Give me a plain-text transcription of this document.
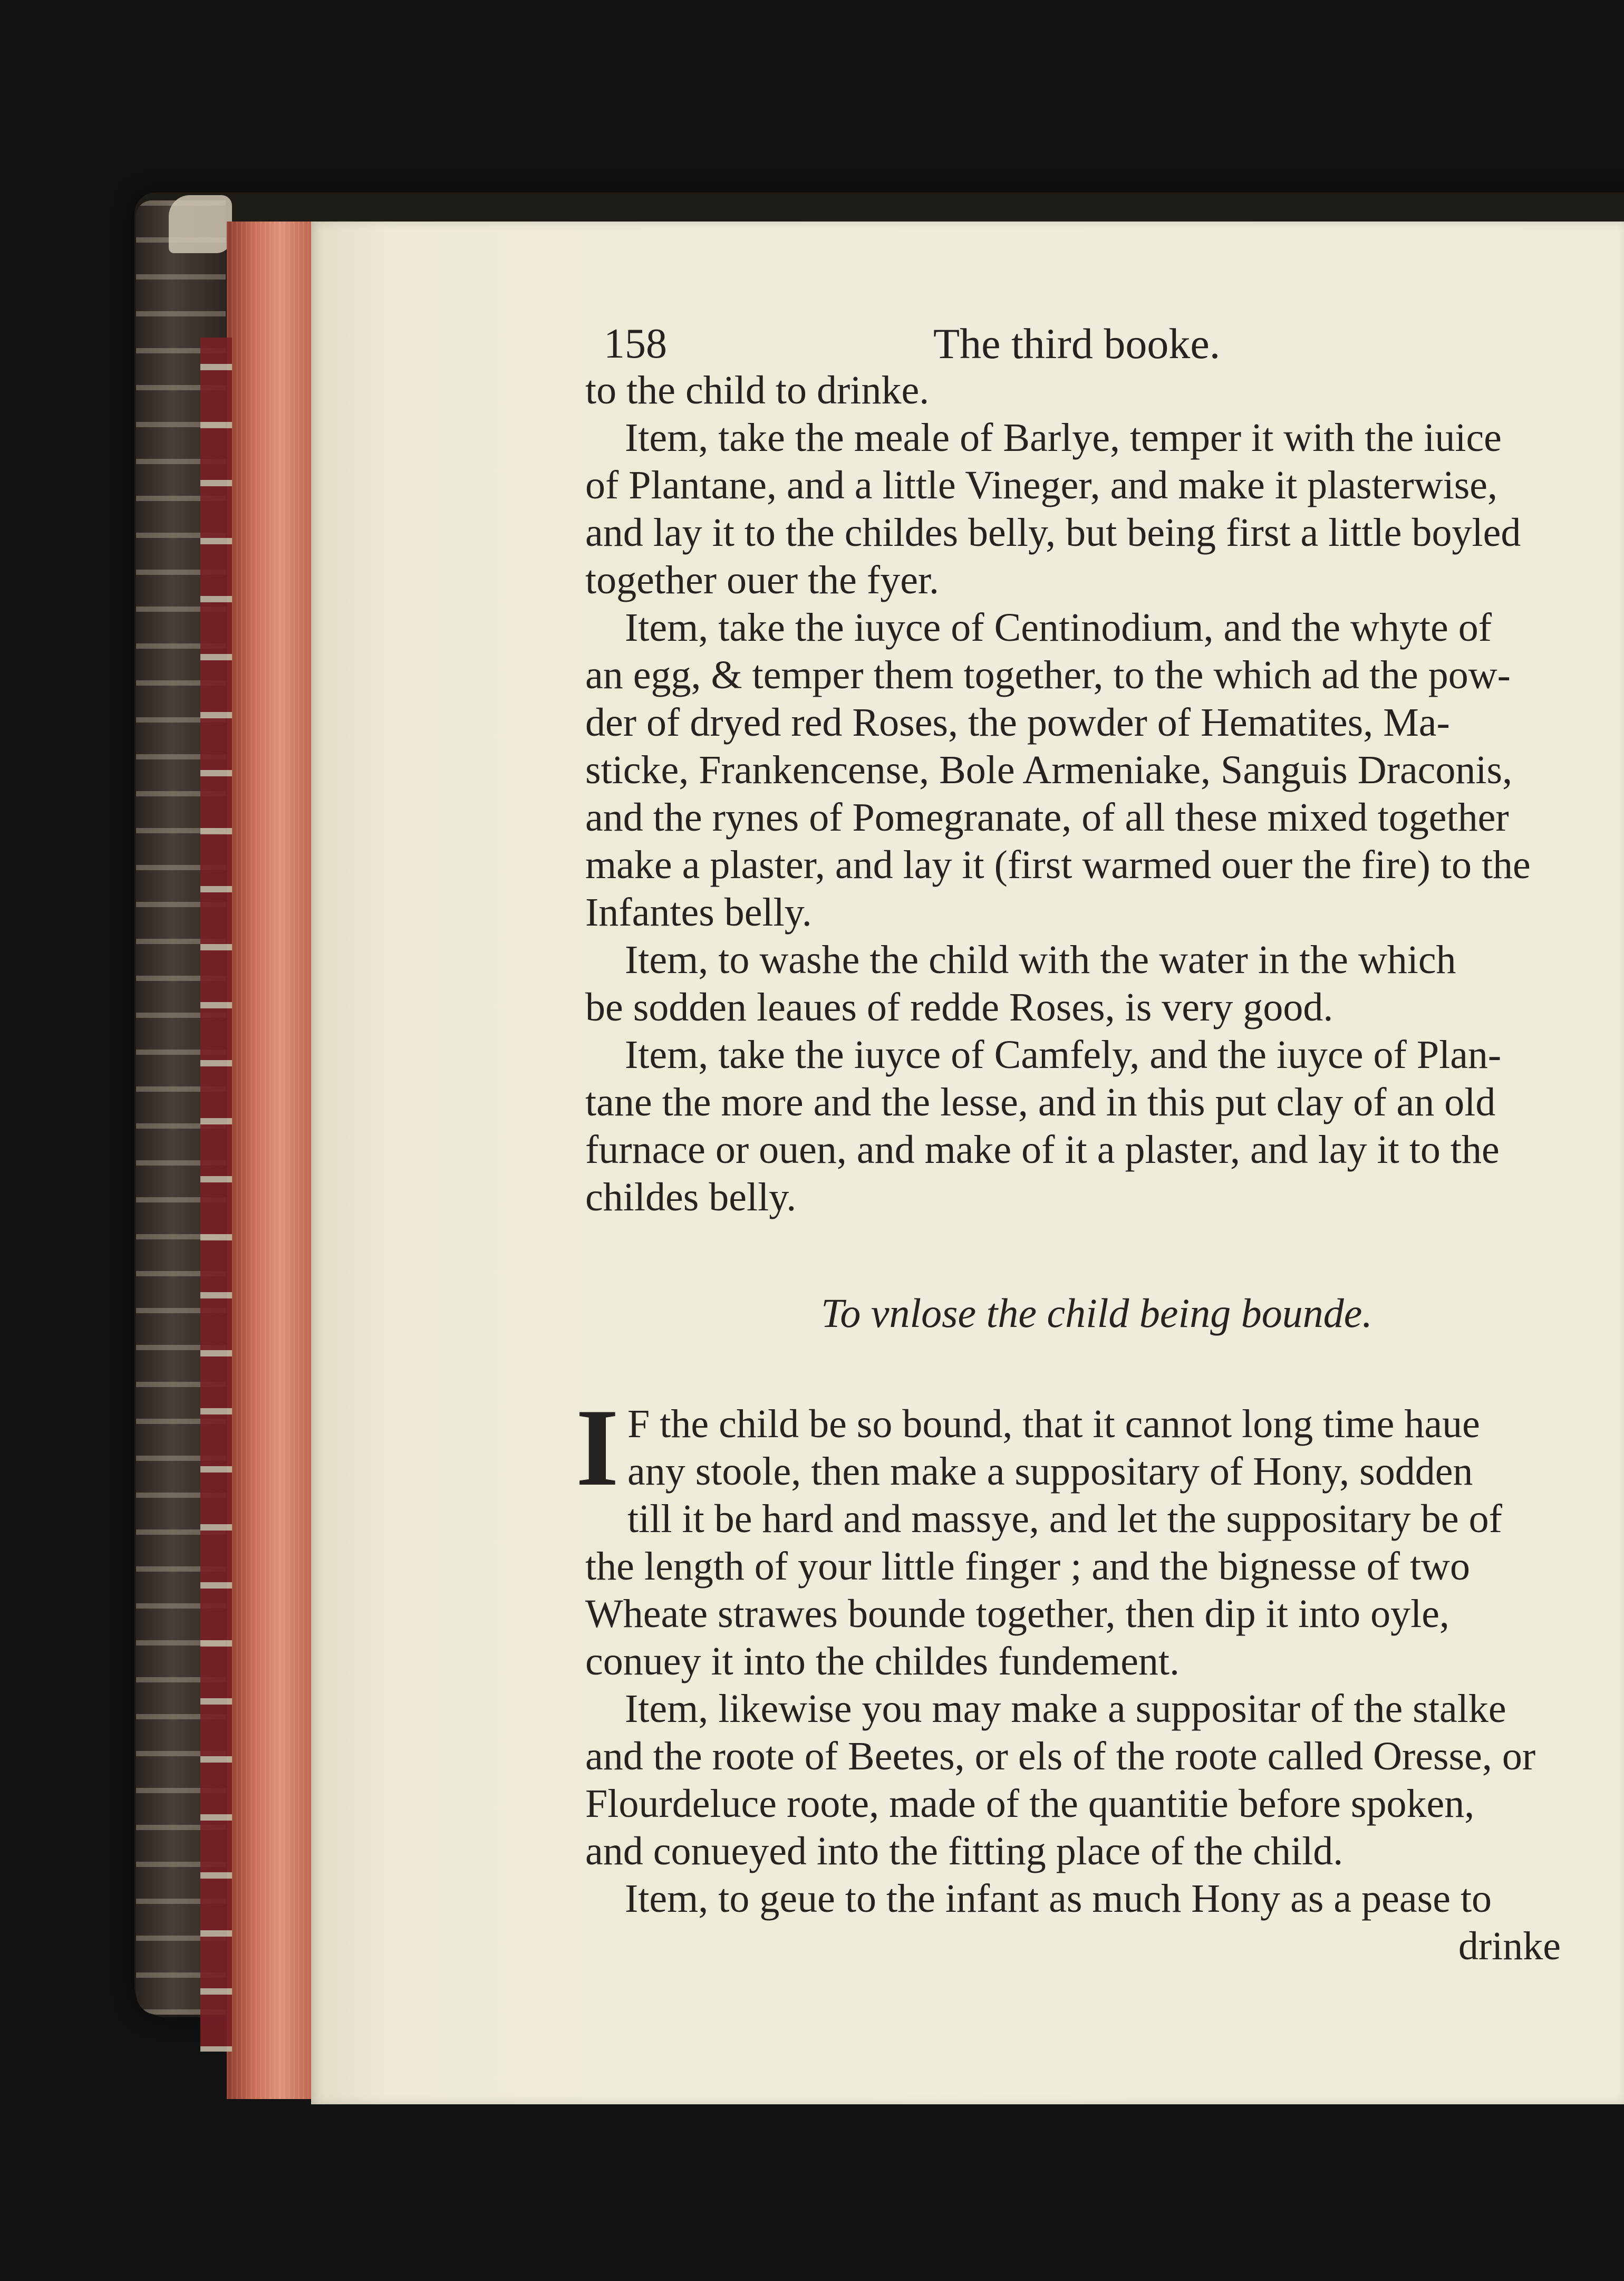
158	The third booke.
to the child to drinke.
Item, take the meale of Barlye, temper it with the iuice
of Plantane, and a little Vineger, and make it plasterwise,
and lay it to the childes belly, but being first a little boyled
together ouer the fyer.
Item, take the iuyce of Centinodium, and the whyte of
an egg, & temper them together, to the which ad the pow-
der of dryed red Roses, the powder of Hematites, Ma-
sticke, Frankencense, Bole Armeniake, Sanguis Draconis,
and the rynes of Pomegranate, of all these mixed together
make a plaster, and lay it (first warmed ouer the fire) to the
Infantes belly.
Item, to washe the child with the water in the which
be sodden leaues of redde Roses, is very good.
Item, take the iuyce of Camfely, and the iuyce of Plan-
tane the more and the lesse, and in this put clay of an old
furnace or ouen, and make of it a plaster, and lay it to the
childes belly.
To vnlose the child being bounde.
I F the child be so bound, that it cannot long time haue
any stoole, then make a suppositary of Hony, sodden
till it be hard and massye, and let the suppositary be of
the length of your little finger ; and the bignesse of two
Wheate strawes bounde together, then dip it into oyle,
conuey it into the childes fundement.
Item, likewise you may make a suppositar of the stalke
and the roote of Beetes, or els of the roote called Oresse, or
Flourdeluce roote, made of the quantitie before spoken,
and conueyed into the fitting place of the child.
Item, to geue to the infant as much Hony as a pease to
drinke
